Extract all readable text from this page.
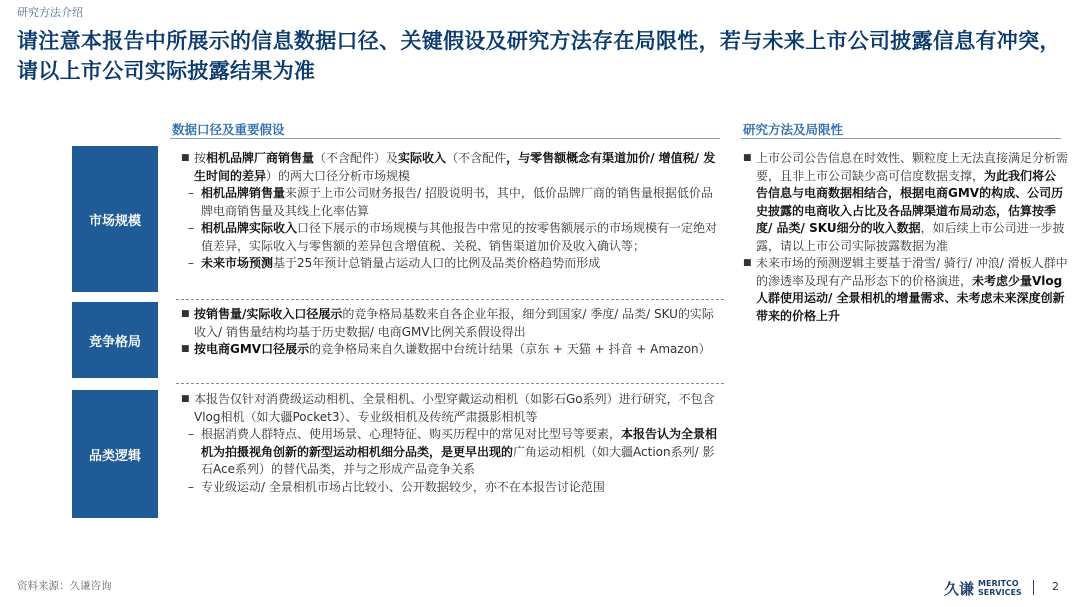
研究方法介绍
请注意本报告中所展示的信息数据口径、关键假设及研究方法存在局限性，若与未来上市公司披露信息有冲突，请以上市公司实际披露结果为准
数据口径及重要假设	研究方法及局限性
市场规模
竞争格局
品类逻辑
■ 按相机品牌厂商销售量（不含配件）及实际收入（不含配件，与零售额概念有渠道加价/ 增值税/ 发生时间的差异）的两大口径分析市场规模
– 相机品牌销售量来源于上市公司财务报告/ 招股说明书，其中，低价品牌厂商的销售量根据低价品牌电商销售量及其线上化率估算
– 相机品牌实际收入口径下展示的市场规模与其他报告中常见的按零售额展示的市场规模有一定绝对值差异，实际收入与零售额的差异包含增值税、关税、销售渠道加价及收入确认等；
– 未来市场预测基于25年预计总销量占运动人口的比例及品类价格趋势而形成
■ 按销售量/实际收入口径展示的竞争格局基数来自各企业年报，细分到国家/ 季度/ 品类/ SKU的实际收入/ 销售量结构均基于历史数据/ 电商GMV比例关系假设得出
■ 按电商GMV口径展示的竞争格局来自久谦数据中台统计结果（京东 + 天猫 + 抖音 + Amazon）
■ 本报告仅针对消费级运动相机、全景相机、小型穿戴运动相机（如影石Go系列）进行研究，不包含Vlog相机（如大疆Pocket3）、专业级相机及传统严肃摄影相机等
– 根据消费人群特点、使用场景、心理特征、购买历程中的常见对比型号等要素，本报告认为全景相机为拍摄视角创新的新型运动相机细分品类，是更早出现的广角运动相机（如大疆Action系列/ 影石Ace系列）的替代品类，并与之形成产品竞争关系
– 专业级运动/ 全景相机市场占比较小、公开数据较少，亦不在本报告讨论范围
■ 上市公司公告信息在时效性、颗粒度上无法直接满足分析需要，且非上市公司缺少高可信度数据支撑，为此我们将公告信息与电商数据相结合，根据电商GMV的构成、公司历史披露的电商收入占比及各品牌渠道布局动态，估算按季度/ 品类/ SKU细分的收入数据，如后续上市公司进一步披露，请以上市公司实际披露数据为准
■ 未来市场的预测逻辑主要基于滑雪/ 骑行/ 冲浪/ 滑板人群中的渗透率及现有产品形态下的价格演进，未考虑少量Vlog人群使用运动/ 全景相机的增量需求、未考虑未来深度创新带来的价格上升
资料来源：久谦咨询	久谦 MERITCO
SERVICES	2
